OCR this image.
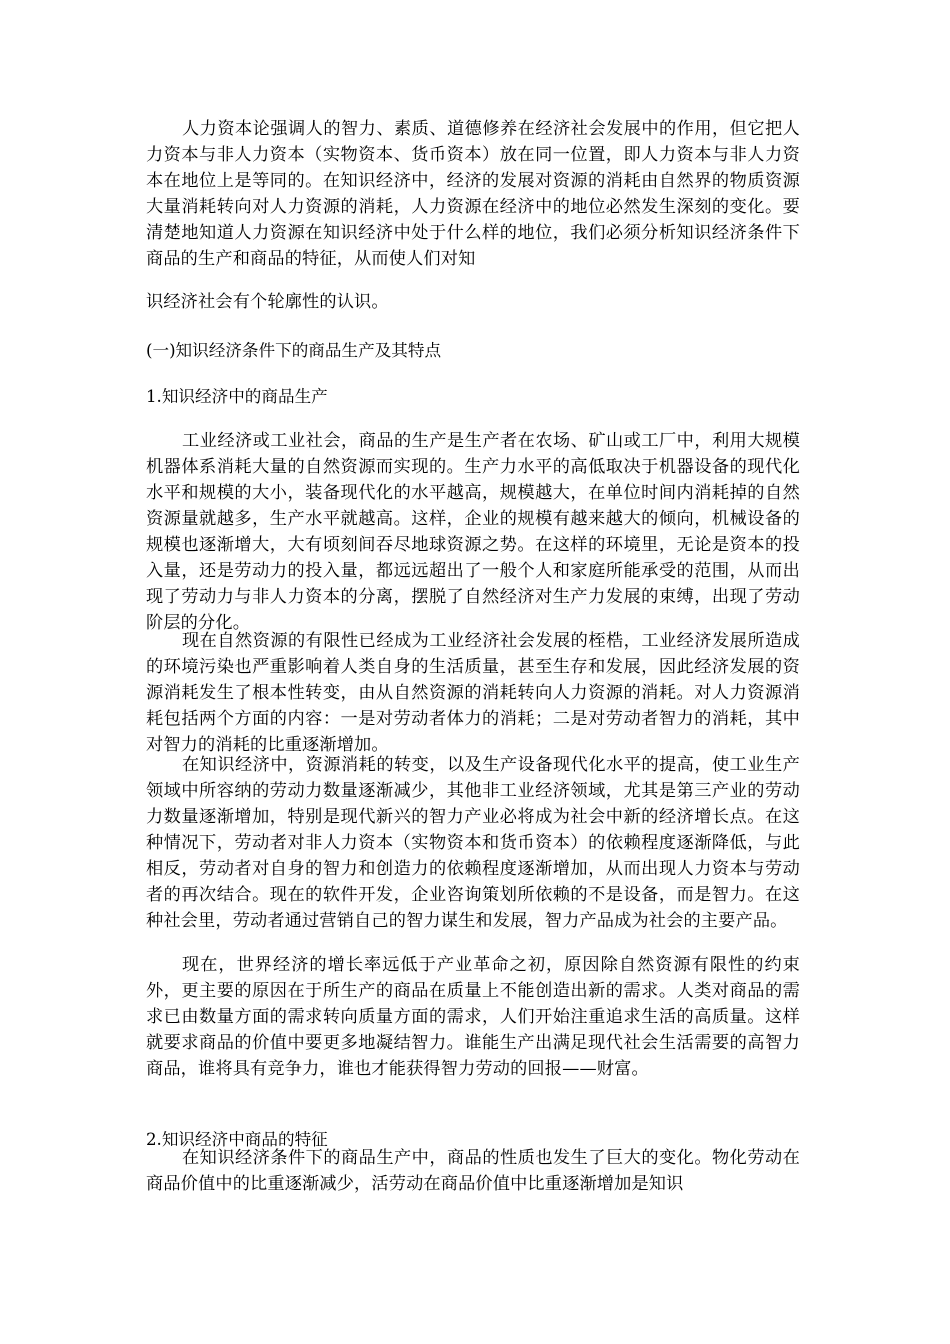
人力资本论强调人的智力、素质、道德修养在经济社会发展中的作用，但它把人力资本与非人力资本（实物资本、货币资本）放在同一位置，即人力资本与非人力资本在地位上是等同的。在知识经济中，经济的发展对资源的消耗由自然界的物质资源大量消耗转向对人力资源的消耗，人力资源在经济中的地位必然发生深刻的变化。要清楚地知道人力资源在知识经济中处于什么样的地位，我们必须分析知识经济条件下商品的生产和商品的特征，从而使人们对知

识经济社会有个轮廓性的认识。

(一)知识经济条件下的商品生产及其特点

1.知识经济中的商品生产

工业经济或工业社会，商品的生产是生产者在农场、矿山或工厂中，利用大规模机器体系消耗大量的自然资源而实现的。生产力水平的高低取决于机器设备的现代化水平和规模的大小，装备现代化的水平越高，规模越大，在单位时间内消耗掉的自然资源量就越多，生产水平就越高。这样，企业的规模有越来越大的倾向，机械设备的规模也逐渐增大，大有顷刻间吞尽地球资源之势。在这样的环境里，无论是资本的投入量，还是劳动力的投入量，都远远超出了一般个人和家庭所能承受的范围，从而出现了劳动力与非人力资本的分离，摆脱了自然经济对生产力发展的束缚，出现了劳动阶层的分化。

现在自然资源的有限性已经成为工业经济社会发展的桎梏，工业经济发展所造成的环境污染也严重影响着人类自身的生活质量，甚至生存和发展，因此经济发展的资源消耗发生了根本性转变，由从自然资源的消耗转向人力资源的消耗。对人力资源消耗包括两个方面的内容：一是对劳动者体力的消耗；二是对劳动者智力的消耗，其中对智力的消耗的比重逐渐增加。

在知识经济中，资源消耗的转变，以及生产设备现代化水平的提高，使工业生产领域中所容纳的劳动力数量逐渐减少，其他非工业经济领域，尤其是第三产业的劳动力数量逐渐增加，特别是现代新兴的智力产业必将成为社会中新的经济增长点。在这种情况下，劳动者对非人力资本（实物资本和货币资本）的依赖程度逐渐降低，与此相反，劳动者对自身的智力和创造力的依赖程度逐渐增加，从而出现人力资本与劳动者的再次结合。现在的软件开发，企业咨询策划所依赖的不是设备，而是智力。在这种社会里，劳动者通过营销自己的智力谋生和发展，智力产品成为社会的主要产品。

现在，世界经济的增长率远低于产业革命之初，原因除自然资源有限性的约束外，更主要的原因在于所生产的商品在质量上不能创造出新的需求。人类对商品的需求已由数量方面的需求转向质量方面的需求，人们开始注重追求生活的高质量。这样就要求商品的价值中要更多地凝结智力。谁能生产出满足现代社会生活需要的高智力商品，谁将具有竞争力，谁也才能获得智力劳动的回报——财富。

2.知识经济中商品的特征

在知识经济条件下的商品生产中，商品的性质也发生了巨大的变化。物化劳动在商品价值中的比重逐渐减少，活劳动在商品价值中比重逐渐增加是知识
